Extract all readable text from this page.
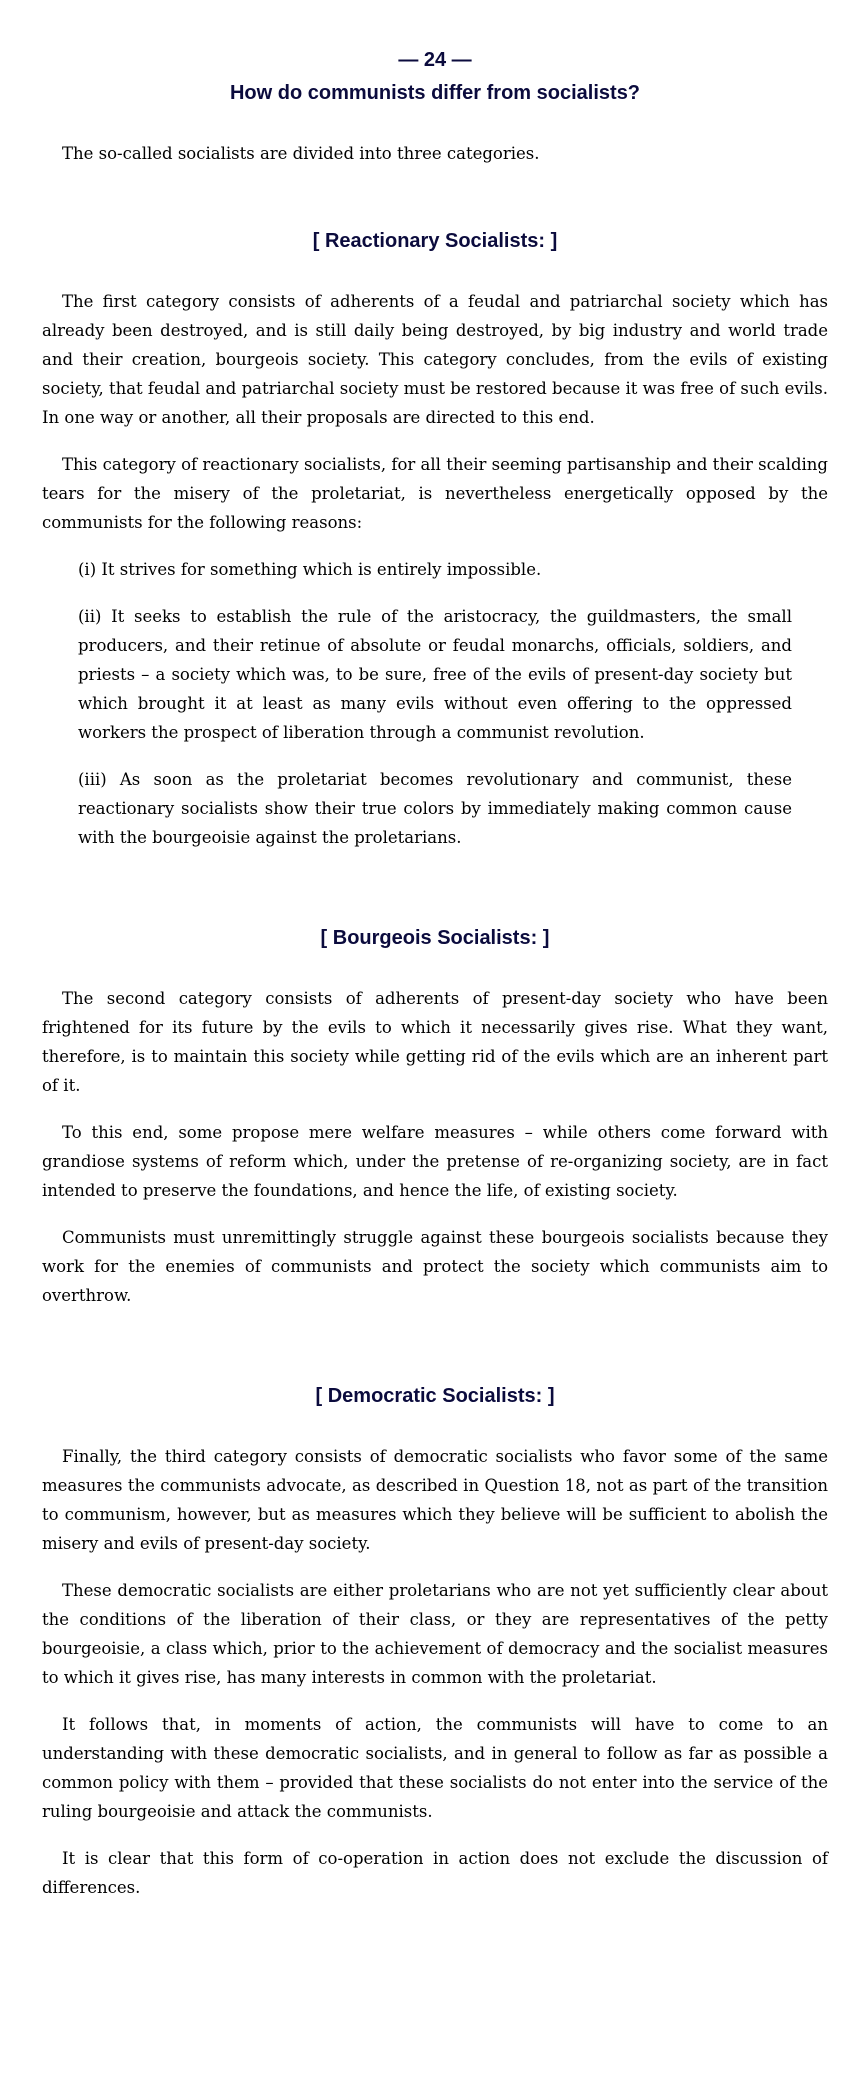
— 24 —
How do communists differ from socialists?

The so-called socialists are divided into three categories.

[ Reactionary Socialists: ]

The first category consists of adherents of a feudal and patriarchal society which has already been destroyed, and is still daily being destroyed, by big industry and world trade and their creation, bourgeois society. This category concludes, from the evils of existing society, that feudal and patriarchal society must be restored because it was free of such evils. In one way or another, all their proposals are directed to this end.

This category of reactionary socialists, for all their seeming partisanship and their scalding tears for the misery of the proletariat, is nevertheless energetically opposed by the communists for the following reasons:

(i) It strives for something which is entirely impossible.

(ii) It seeks to establish the rule of the aristocracy, the guildmasters, the small producers, and their retinue of absolute or feudal monarchs, officials, soldiers, and priests – a society which was, to be sure, free of the evils of present-day society but which brought it at least as many evils without even offering to the oppressed workers the prospect of liberation through a communist revolution.

(iii) As soon as the proletariat becomes revolutionary and communist, these reactionary socialists show their true colors by immediately making common cause with the bourgeoisie against the proletarians.

[ Bourgeois Socialists: ]

The second category consists of adherents of present-day society who have been frightened for its future by the evils to which it necessarily gives rise. What they want, therefore, is to maintain this society while getting rid of the evils which are an inherent part of it.

To this end, some propose mere welfare measures – while others come forward with grandiose systems of reform which, under the pretense of re-organizing society, are in fact intended to preserve the foundations, and hence the life, of existing society.

Communists must unremittingly struggle against these bourgeois socialists because they work for the enemies of communists and protect the society which communists aim to overthrow.

[ Democratic Socialists: ]

Finally, the third category consists of democratic socialists who favor some of the same measures the communists advocate, as described in Question 18, not as part of the transition to communism, however, but as measures which they believe will be sufficient to abolish the misery and evils of present-day society.

These democratic socialists are either proletarians who are not yet sufficiently clear about the conditions of the liberation of their class, or they are representatives of the petty bourgeoisie, a class which, prior to the achievement of democracy and the socialist measures to which it gives rise, has many interests in common with the proletariat.

It follows that, in moments of action, the communists will have to come to an understanding with these democratic socialists, and in general to follow as far as possible a common policy with them – provided that these socialists do not enter into the service of the ruling bourgeoisie and attack the communists.

It is clear that this form of co-operation in action does not exclude the discussion of differences.
